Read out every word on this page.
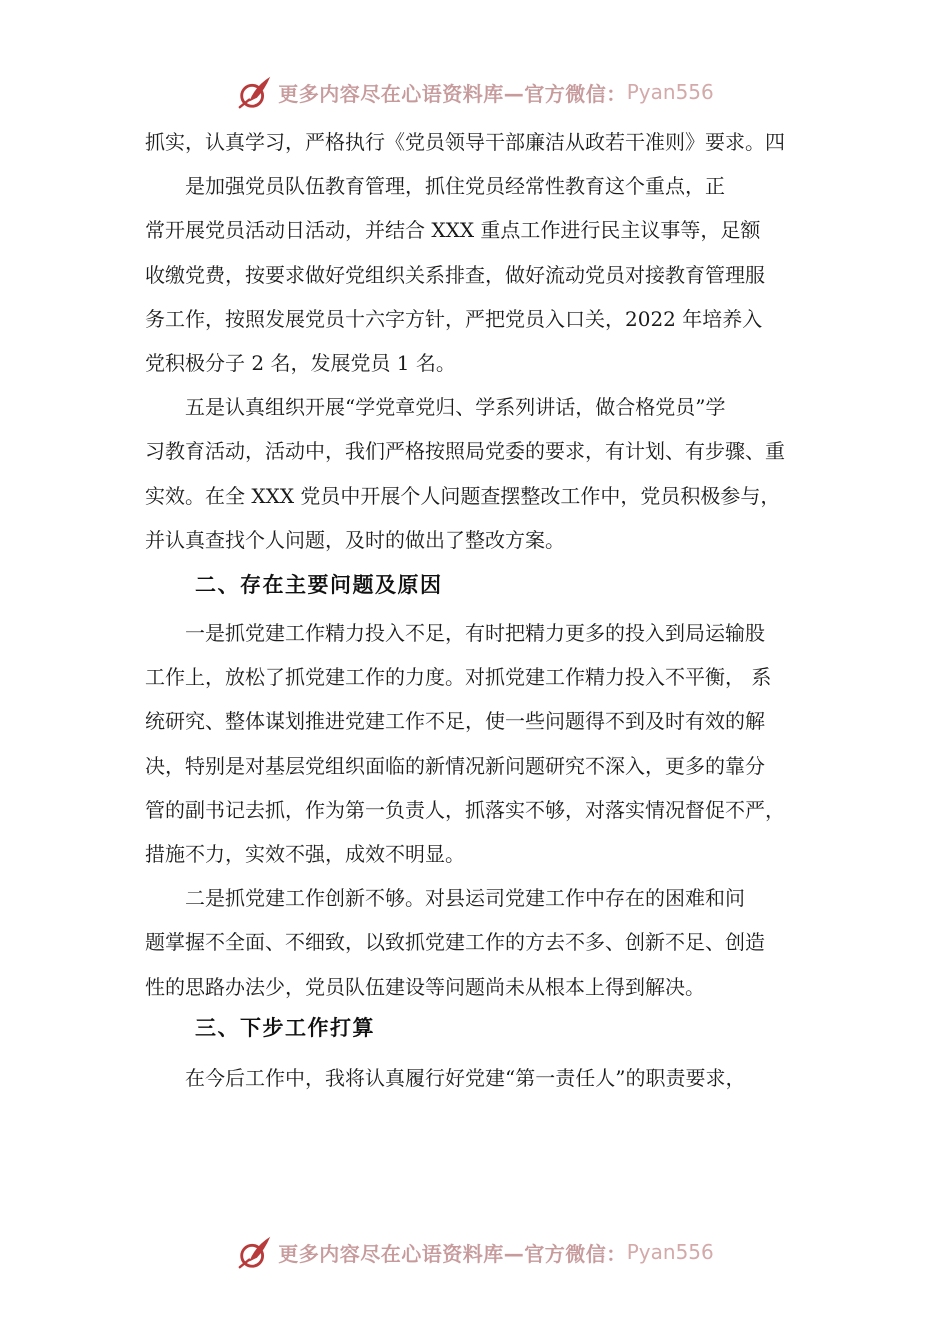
更多内容尽在心语资料库—官方微信： Pyan556
抓实，认真学习，严格执行《党员领导干部廉洁从政若干准则》要求。四
　　是加强党员队伍教育管理，抓住党员经常性教育这个重点，正
常开展党员活动日活动，并结合 XXX 重点工作进行民主议事等，足额
收缴党费，按要求做好党组织关系排查，做好流动党员对接教育管理服
务工作，按照发展党员十六字方针，严把党员入口关，2022 年培养入
党积极分子 2 名，发展党员 1 名。
　　五是认真组织开展“学党章党归、学系列讲话，做合格党员”学
习教育活动，活动中，我们严格按照局党委的要求，有计划、有步骤、重
实效。在全 XXX 党员中开展个人问题查摆整改工作中，党员积极参与，
并认真查找个人问题，及时的做出了整改方案。
二、存在主要问题及原因
　　一是抓党建工作精力投入不足，有时把精力更多的投入到局运输股
工作上，放松了抓党建工作的力度。对抓党建工作精力投入不平衡， 系
统研究、整体谋划推进党建工作不足，使一些问题得不到及时有效的解
决，特别是对基层党组织面临的新情况新问题研究不深入，更多的靠分
管的副书记去抓，作为第一负责人，抓落实不够，对落实情况督促不严，
措施不力，实效不强，成效不明显。
　　二是抓党建工作创新不够。对县运司党建工作中存在的困难和问
题掌握不全面、不细致，以致抓党建工作的方去不多、创新不足、创造
性的思路办法少，党员队伍建设等问题尚未从根本上得到解决。
三、下步工作打算
　　在今后工作中，我将认真履行好党建“第一责任人”的职责要求，
更多内容尽在心语资料库—官方微信： Pyan556
